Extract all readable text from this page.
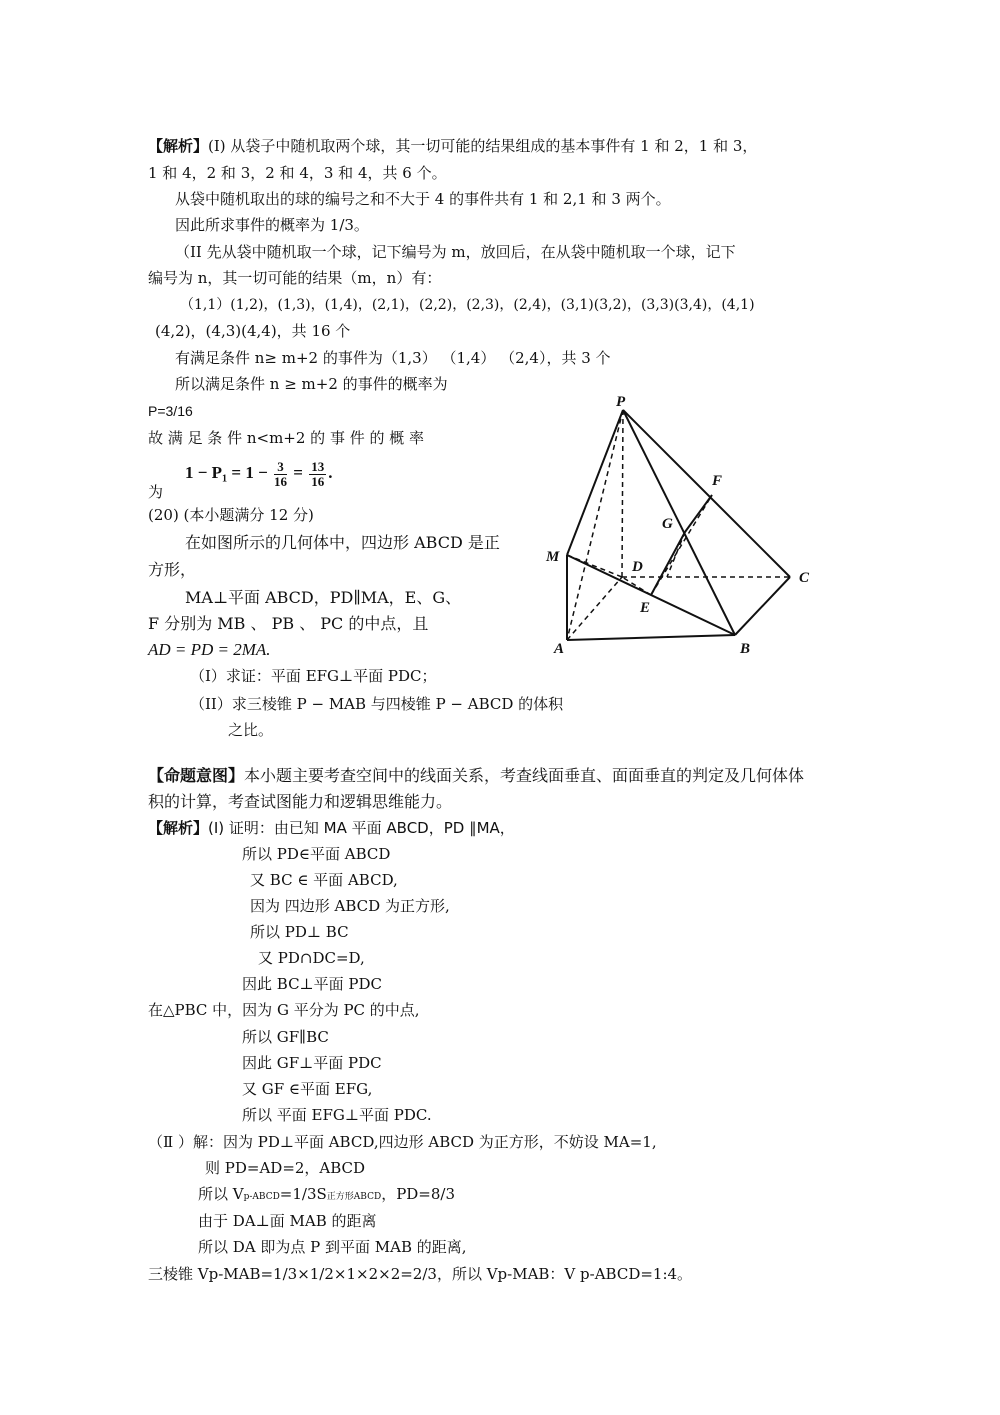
【解析】(I) 从袋子中随机取两个球，其一切可能的结果组成的基本事件有 1 和 2，1 和 3，
1 和 4，2 和 3，2 和 4，3 和 4，共 6 个。
从袋中随机取出的球的编号之和不大于 4 的事件共有 1 和 2,1 和 3 两个。
因此所求事件的概率为 1/3。
（II 先从袋中随机取一个球，记下编号为 m，放回后，在从袋中随机取一个球，记下
编号为 n，其一切可能的结果（m，n）有：
（1,1）(1,2)，(1,3)，(1,4)，(2,1)，(2,2)，(2,3)，(2,4)，(3,1)(3,2)，(3,3)(3,4)，(4,1)
(4,2)，(4,3)(4,4)，共 16 个
有满足条件 n≥ m+2 的事件为（1,3） （1,4） （2,4），共 3 个
所以满足条件 n ≥ m+2 的事件的概率为
P=3/16
故 满 足 条 件 n<m+2 的 事 件 的 概 率
$1 - P_1 = 1 - \frac{3}{16} = \frac{13}{16}$ .
为
(20) (本小题满分 12 分)
在如图所示的几何体中，四边形 ABCD 是正
方形，
MA⊥平面 ABCD，PD∥MA，E、G、
F 分别为 MB 、 PB 、 PC 的中点，且
AD = PD = 2MA.
（I）求证：平面 EFG⊥平面 PDC；
（II）求三棱锥 P − MAB 与四棱锥 P − ABCD 的体积
之比。
P
F
G
M
D
C
E
A	B
【命题意图】本小题主要考查空间中的线面关系，考查线面垂直、面面垂直的判定及几何体体
积的计算，考查试图能力和逻辑思维能力。
【解析】(I) 证明：由已知 MA 平面 ABCD，PD ∥MA，
所以 PD∈平面 ABCD
又 BC ∈ 平面 ABCD,
因为 四边形 ABCD 为正方形,
所以 PD⊥ BC
又 PD∩DC=D,
因此 BC⊥平面 PDC
在△PBC 中，因为 G 平分为 PC 的中点,
所以 GF∥BC
因此 GF⊥平面 PDC
又 GF ∈平面 EFG,
所以 平面 EFG⊥平面 PDC.
（Ⅱ ）解：因为 PD⊥平面 ABCD,四边形 ABCD 为正方形，不妨设 MA=1,
则 PD=AD=2，ABCD
所以 Vp-ABCD=1/3S正方形ABCD，PD=8/3
由于 DA⊥面 MAB 的距离
所以 DA 即为点 P 到平面 MAB 的距离,
三棱锥 Vp-MAB=1/3×1/2×1×2×2=2/3，所以 Vp-MAB：V p-ABCD=1:4。
